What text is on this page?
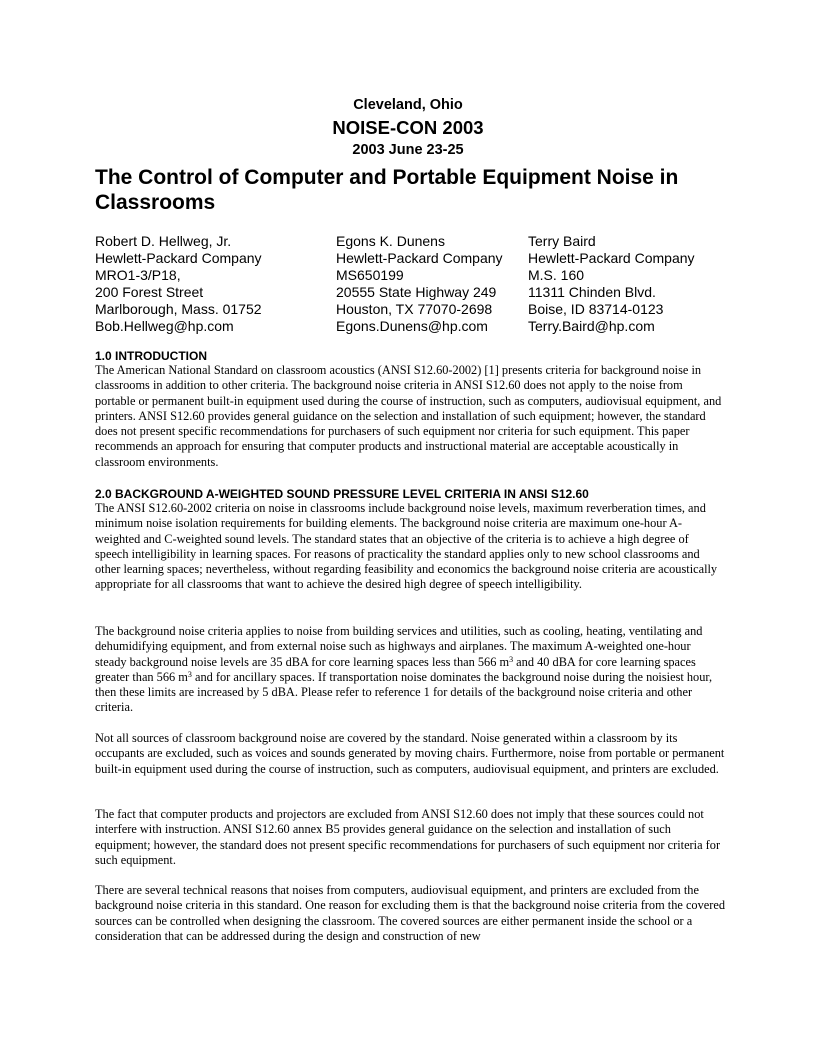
Cleveland, Ohio
NOISE-CON 2003
2003 June 23-25
The Control of Computer and Portable Equipment Noise in Classrooms
Robert D. Hellweg, Jr.
Hewlett-Packard Company
MRO1-3/P18,
200 Forest Street
Marlborough, Mass. 01752
Bob.Hellweg@hp.com
Egons K. Dunens
Hewlett-Packard Company
MS650199
20555 State Highway 249
Houston, TX 77070-2698
Egons.Dunens@hp.com
Terry Baird
Hewlett-Packard Company
M.S. 160
11311 Chinden Blvd.
Boise, ID 83714-0123
Terry.Baird@hp.com
1.0 INTRODUCTION

The American National Standard on classroom acoustics (ANSI S12.60-2002) [1] presents criteria for background noise in classrooms in addition to other criteria. The background noise criteria in ANSI S12.60 does not apply to the noise from portable or permanent built-in equipment used during the course of instruction, such as computers, audiovisual equipment, and printers. ANSI S12.60 provides general guidance on the selection and installation of such equipment; however, the standard does not present specific recommendations for purchasers of such equipment nor criteria for such equipment. This paper recommends an approach for ensuring that computer products and instructional material are acceptable acoustically in classroom environments.

2.0 BACKGROUND A-WEIGHTED SOUND PRESSURE LEVEL CRITERIA IN ANSI S12.60

The ANSI S12.60-2002 criteria on noise in classrooms include background noise levels, maximum reverberation times, and minimum noise isolation requirements for building elements. The background noise criteria are maximum one-hour A-weighted and C-weighted sound levels. The standard states that an objective of the criteria is to achieve a high degree of speech intelligibility in learning spaces. For reasons of practicality the standard applies only to new school classrooms and other learning spaces; nevertheless, without regarding feasibility and economics the background noise criteria are acoustically appropriate for all classrooms that want to achieve the desired high degree of speech intelligibility.

The background noise criteria applies to noise from building services and utilities, such as cooling, heating, ventilating and dehumidifying equipment, and from external noise such as highways and airplanes. The maximum A-weighted one-hour steady background noise levels are 35 dBA for core learning spaces less than 566 $m^3$ and 40 dBA for core learning spaces greater than 566 $m^3$ and for ancillary spaces. If transportation noise dominates the background noise during the noisiest hour, then these limits are increased by 5 dBA. Please refer to reference 1 for details of the background noise criteria and other criteria.

Not all sources of classroom background noise are covered by the standard. Noise generated within a classroom by its occupants are excluded, such as voices and sounds generated by moving chairs. Furthermore, noise from portable or permanent built-in equipment used during the course of instruction, such as computers, audiovisual equipment, and printers are excluded.

The fact that computer products and projectors are excluded from ANSI S12.60 does not imply that these sources could not interfere with instruction. ANSI S12.60 annex B5 provides general guidance on the selection and installation of such equipment; however, the standard does not present specific recommendations for purchasers of such equipment nor criteria for such equipment.

There are several technical reasons that noises from computers, audiovisual equipment, and printers are excluded from the background noise criteria in this standard. One reason for excluding them is that the background noise criteria from the covered sources can be controlled when designing the classroom. The covered sources are either permanent inside the school or a consideration that can be addressed during the design and construction of new
